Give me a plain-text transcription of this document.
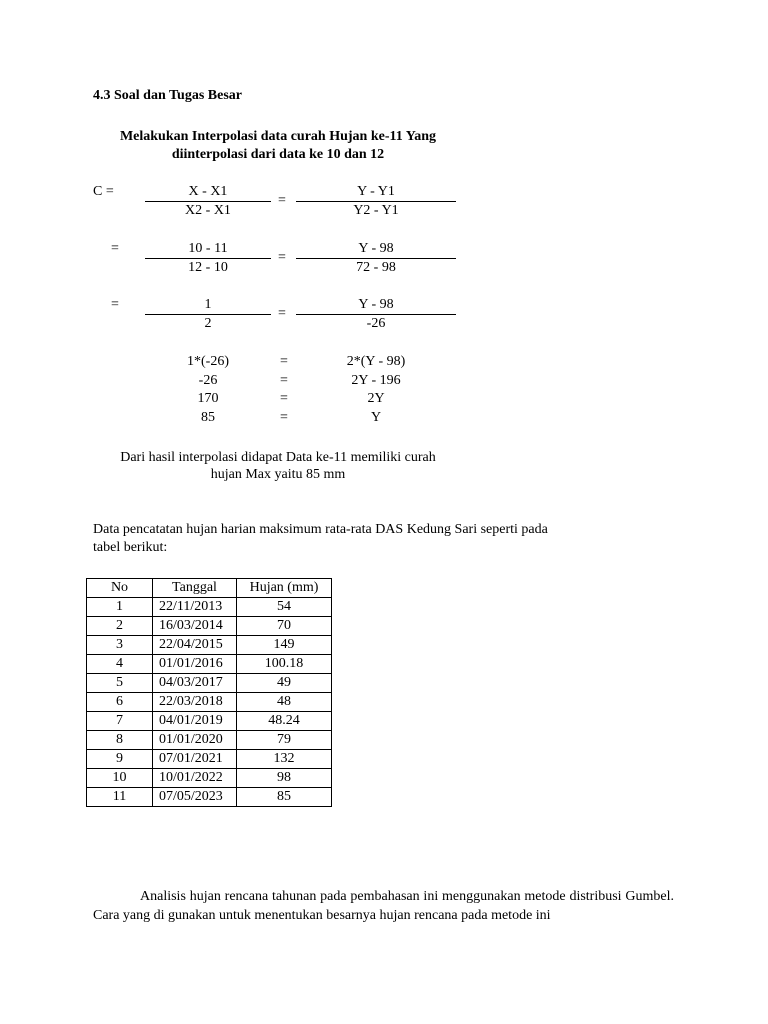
4.3 Soal dan Tugas Besar
Melakukan Interpolasi data curah Hujan ke-11 Yang
diinterpolasi dari data ke 10 dan 12
C =	X - X1
X2 - X1
=
Y - Y1
Y2 - Y1
=	10 - 11
12 - 10
=
Y - 98
72 - 98
=	1
2
=
Y - 98
-26
1*(-26)	=	2*(Y - 98)
-26	=	2Y - 196
170	=	2Y
85	=	Y
Dari hasil interpolasi didapat Data ke-11 memiliki curah
hujan Max yaitu 85 mm
Data pencatatan hujan harian maksimum rata-rata DAS Kedung Sari seperti pada
tabel berikut:
No	Tanggal	Hujan (mm)
1	22/11/2013	54
2	16/03/2014	70
3	22/04/2015	149
4	01/01/2016	100.18
5	04/03/2017	49
6	22/03/2018	48
7	04/01/2019	48.24
8	01/01/2020	79
9	07/01/2021	132
10	10/01/2022	98
11	07/05/2023	85
Analisis hujan rencana tahunan pada pembahasan ini menggunakan metode distribusi Gumbel. Cara yang di gunakan untuk menentukan besarnya hujan rencana pada metode ini
